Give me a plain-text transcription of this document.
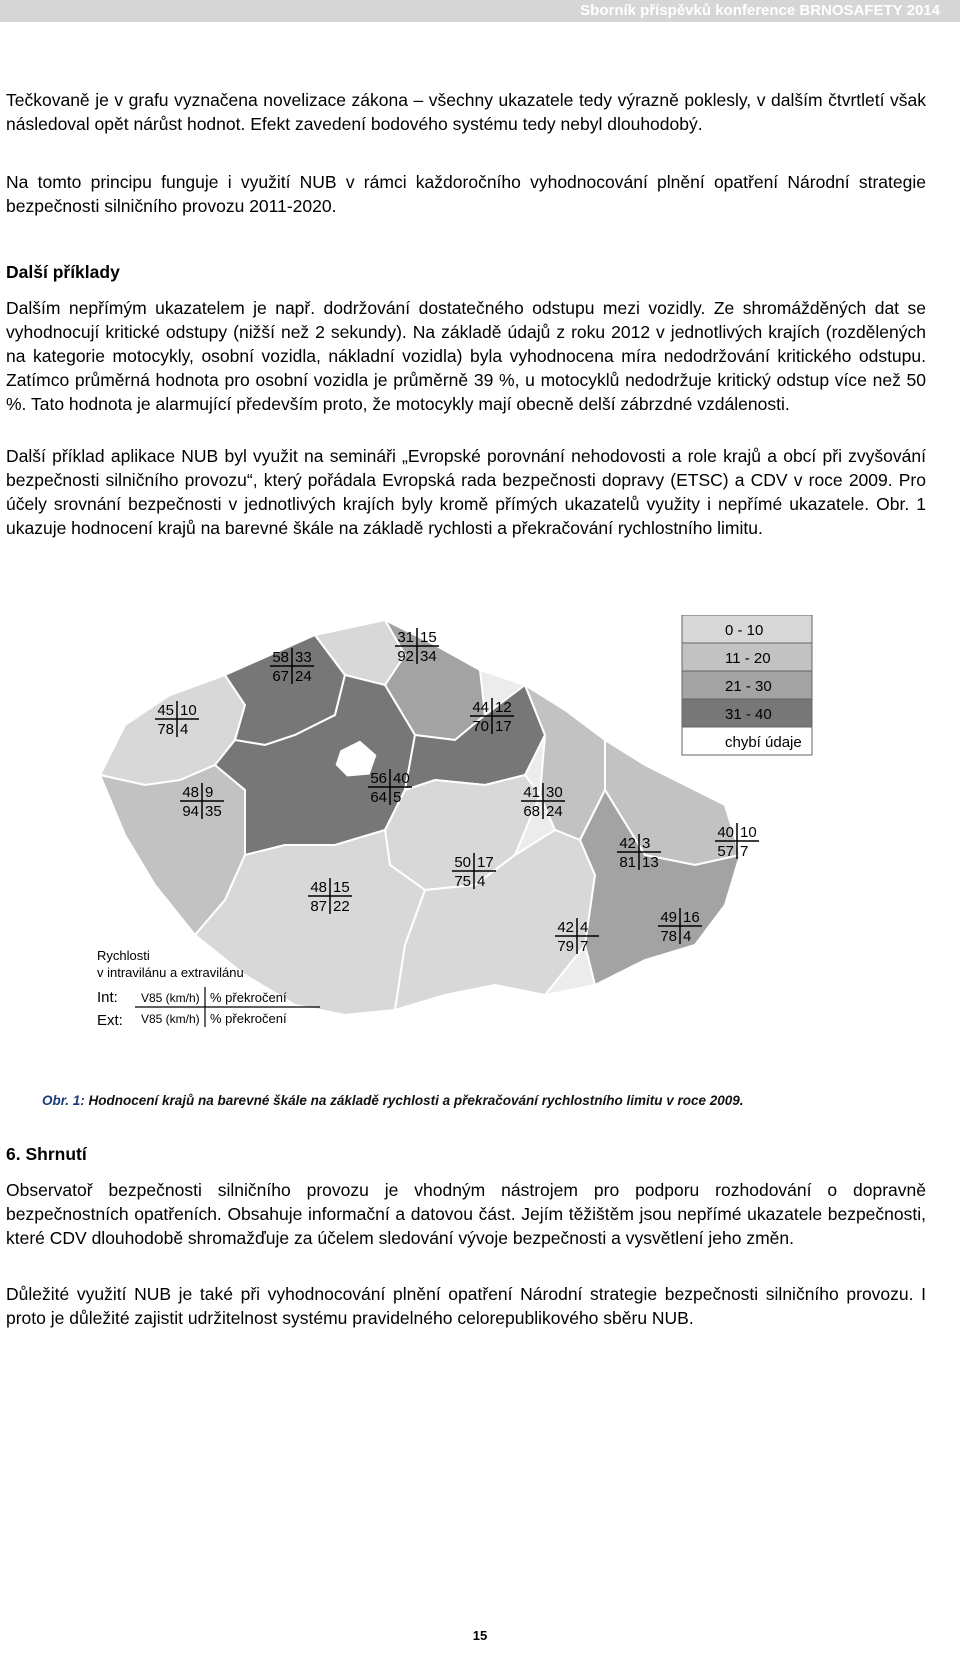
Sborník příspěvků konference BRNOSAFETY 2014

Tečkovaně je v grafu vyznačena novelizace zákona – všechny ukazatele tedy výrazně poklesly, v dalším čtvrtletí však následoval opět nárůst hodnot. Efekt zavedení bodového systému tedy nebyl dlouhodobý.

Na tomto principu funguje i využití NUB v rámci každoročního vyhodnocování plnění opatření Národní strategie bezpečnosti silničního provozu 2011-2020.

Další příklady

Dalším nepřímým ukazatelem je např. dodržování dostatečného odstupu mezi vozidly. Ze shromážděných dat se vyhodnocují kritické odstupy (nižší než 2 sekundy). Na základě údajů z roku 2012 v jednotlivých krajích (rozdělených na kategorie motocykly, osobní vozidla, nákladní vozidla) byla vyhodnocena míra nedodržování kritického odstupu. Zatímco průměrná hodnota pro osobní vozidla je průměrně 39 %, u motocyklů nedodržuje kritický odstup více než 50 %. Tato hodnota je alarmující především proto, že motocykly mají obecně delší zábrzdné vzdálenosti.

Další příklad aplikace NUB byl využit na semináři „Evropské porovnání nehodovosti a role krajů a obcí při zvyšování bezpečnosti silničního provozu“, který pořádala Evropská rada bezpečnosti dopravy (ETSC) a CDV v roce 2009. Pro účely srovnání bezpečnosti v jednotlivých krajích byly kromě přímých ukazatelů využity i nepřímé ukazatele. Obr. 1 ukazuje hodnocení krajů na barevné škále na základě rychlosti a překračování rychlostního limitu.

45 10
78 4
58 33
67 24
31 15
92 34
44 12
70 17
48 9
94 35
56 40
64 5	41 30
68 24
42 3
81 13
40 10
57 7
50 17
75 4
48 15
87 22
42 4
79 7
49 16
78 4
0 - 10
11 - 20
21 - 30
31 - 40
chybí údaje
Rychlosti
v intravilánu a extravilánu
Int:
Ext:
V85 (km/h)
V85 (km/h)
% překročení
% překročení
Obr. 1: Hodnocení krajů na barevné škále na základě rychlosti a překračování rychlostního limitu v roce 2009.

6. Shrnutí

Observatoř bezpečnosti silničního provozu je vhodným nástrojem pro podporu rozhodování o dopravně bezpečnostních opatřeních. Obsahuje informační a datovou část. Jejím těžištěm jsou nepřímé ukazatele bezpečnosti, které CDV dlouhodobě shromažďuje za účelem sledování vývoje bezpečnosti a vysvětlení jeho změn.

Důležité využití NUB je také při vyhodnocování plnění opatření Národní strategie bezpečnosti silničního provozu. I proto je důležité zajistit udržitelnost systému pravidelného celorepublikového sběru NUB.

15
